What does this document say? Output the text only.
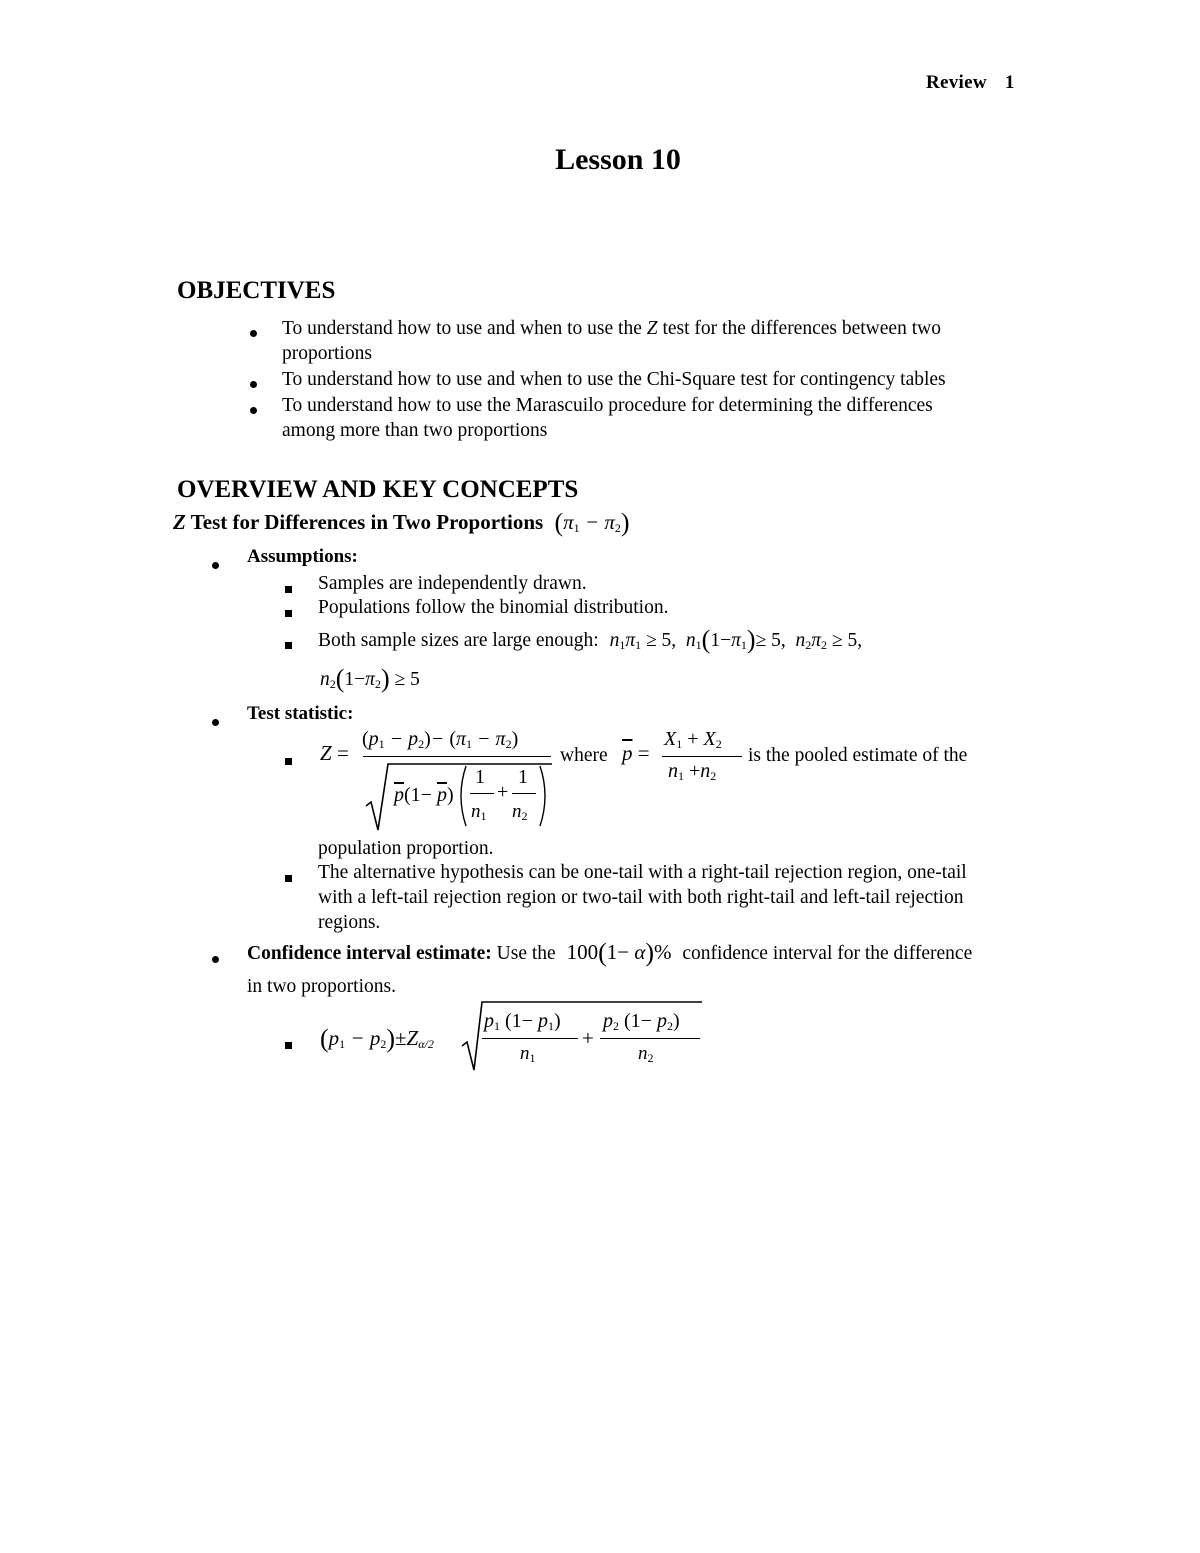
Review 1
Lesson 10
OBJECTIVES
To understand how to use and when to use the Z test for the differences between two
proportions
To understand how to use and when to use the Chi-Square test for contingency tables
To understand how to use the Marascuilo procedure for determining the differences
among more than two proportions
OVERVIEW AND KEY CONCEPTS
Z Test for Differences in Two Proportions $(\pi_1 - \pi_2)$
Assumptions:
Samples are independently drawn.
Populations follow the binomial distribution.
Both sample sizes are large enough: $n_1\pi_1 \ge 5$,  $n_1(1-\pi_1)\ge 5$,  $n_2\pi_2 \ge 5$,
$n_2(1-\pi_2) \ge 5$
Test statistic:
Z =
$(p_1 - p_2)- (\pi_1 - \pi_2)$
$\overline{p}(1- \overline{p})$
1
$n_1$
+
1
$n_2$
where $\overline{p}$ =
$X_1 + X_2$
$n_1 +n_2$
is the pooled estimate of the
population proportion.
The alternative hypothesis can be one-tail with a right-tail rejection region, one-tail
with a left-tail rejection region or two-tail with both right-tail and left-tail rejection
regions.
Confidence interval estimate: Use the 100(1− α)% confidence interval for the difference
in two proportions.
$(p_1 - p_2)\pm Z_{\alpha/2}$
$p_1$ $(1- p_1)$
$n_1$
+
$p_2$ $(1- p_2)$
$n_2$
